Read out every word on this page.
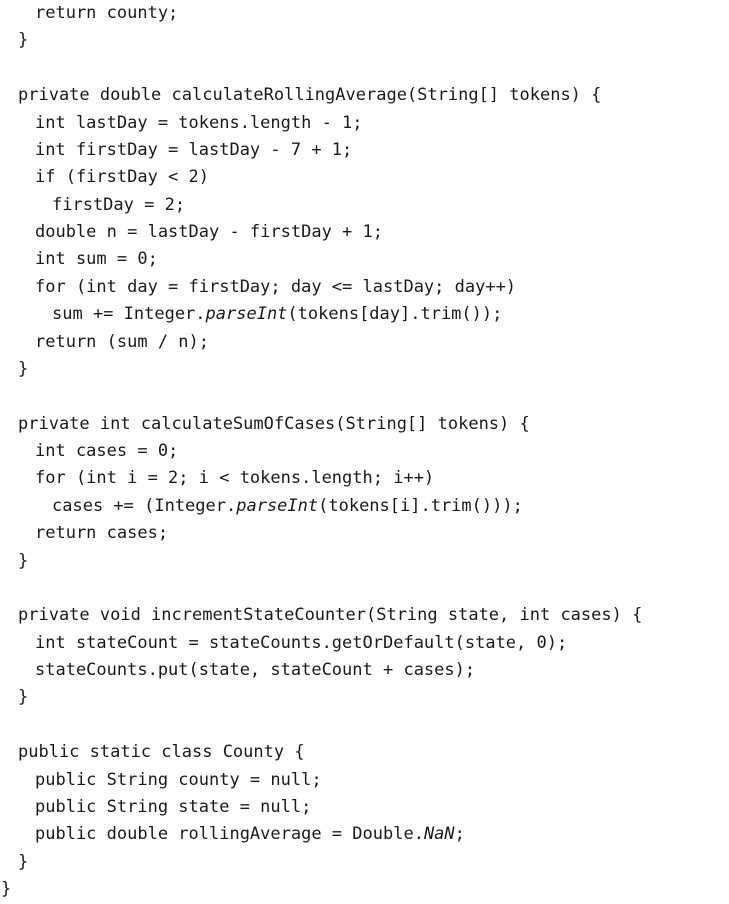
return county;
}

private double calculateRollingAverage(String[] tokens) {
int lastDay = tokens.length - 1;
int firstDay = lastDay - 7 + 1;
if (firstDay < 2)
firstDay = 2;
double n = lastDay - firstDay + 1;
int sum = 0;
for (int day = firstDay; day <= lastDay; day++)
sum += Integer.parseInt(tokens[day].trim());
return (sum / n);
}

private int calculateSumOfCases(String[] tokens) {
int cases = 0;
for (int i = 2; i < tokens.length; i++)
cases += (Integer.parseInt(tokens[i].trim()));
return cases;
}

private void incrementStateCounter(String state, int cases) {
int stateCount = stateCounts.getOrDefault(state, 0);
stateCounts.put(state, stateCount + cases);
}

public static class County {
public String county = null;
public String state = null;
public double rollingAverage = Double.NaN;
}
}
